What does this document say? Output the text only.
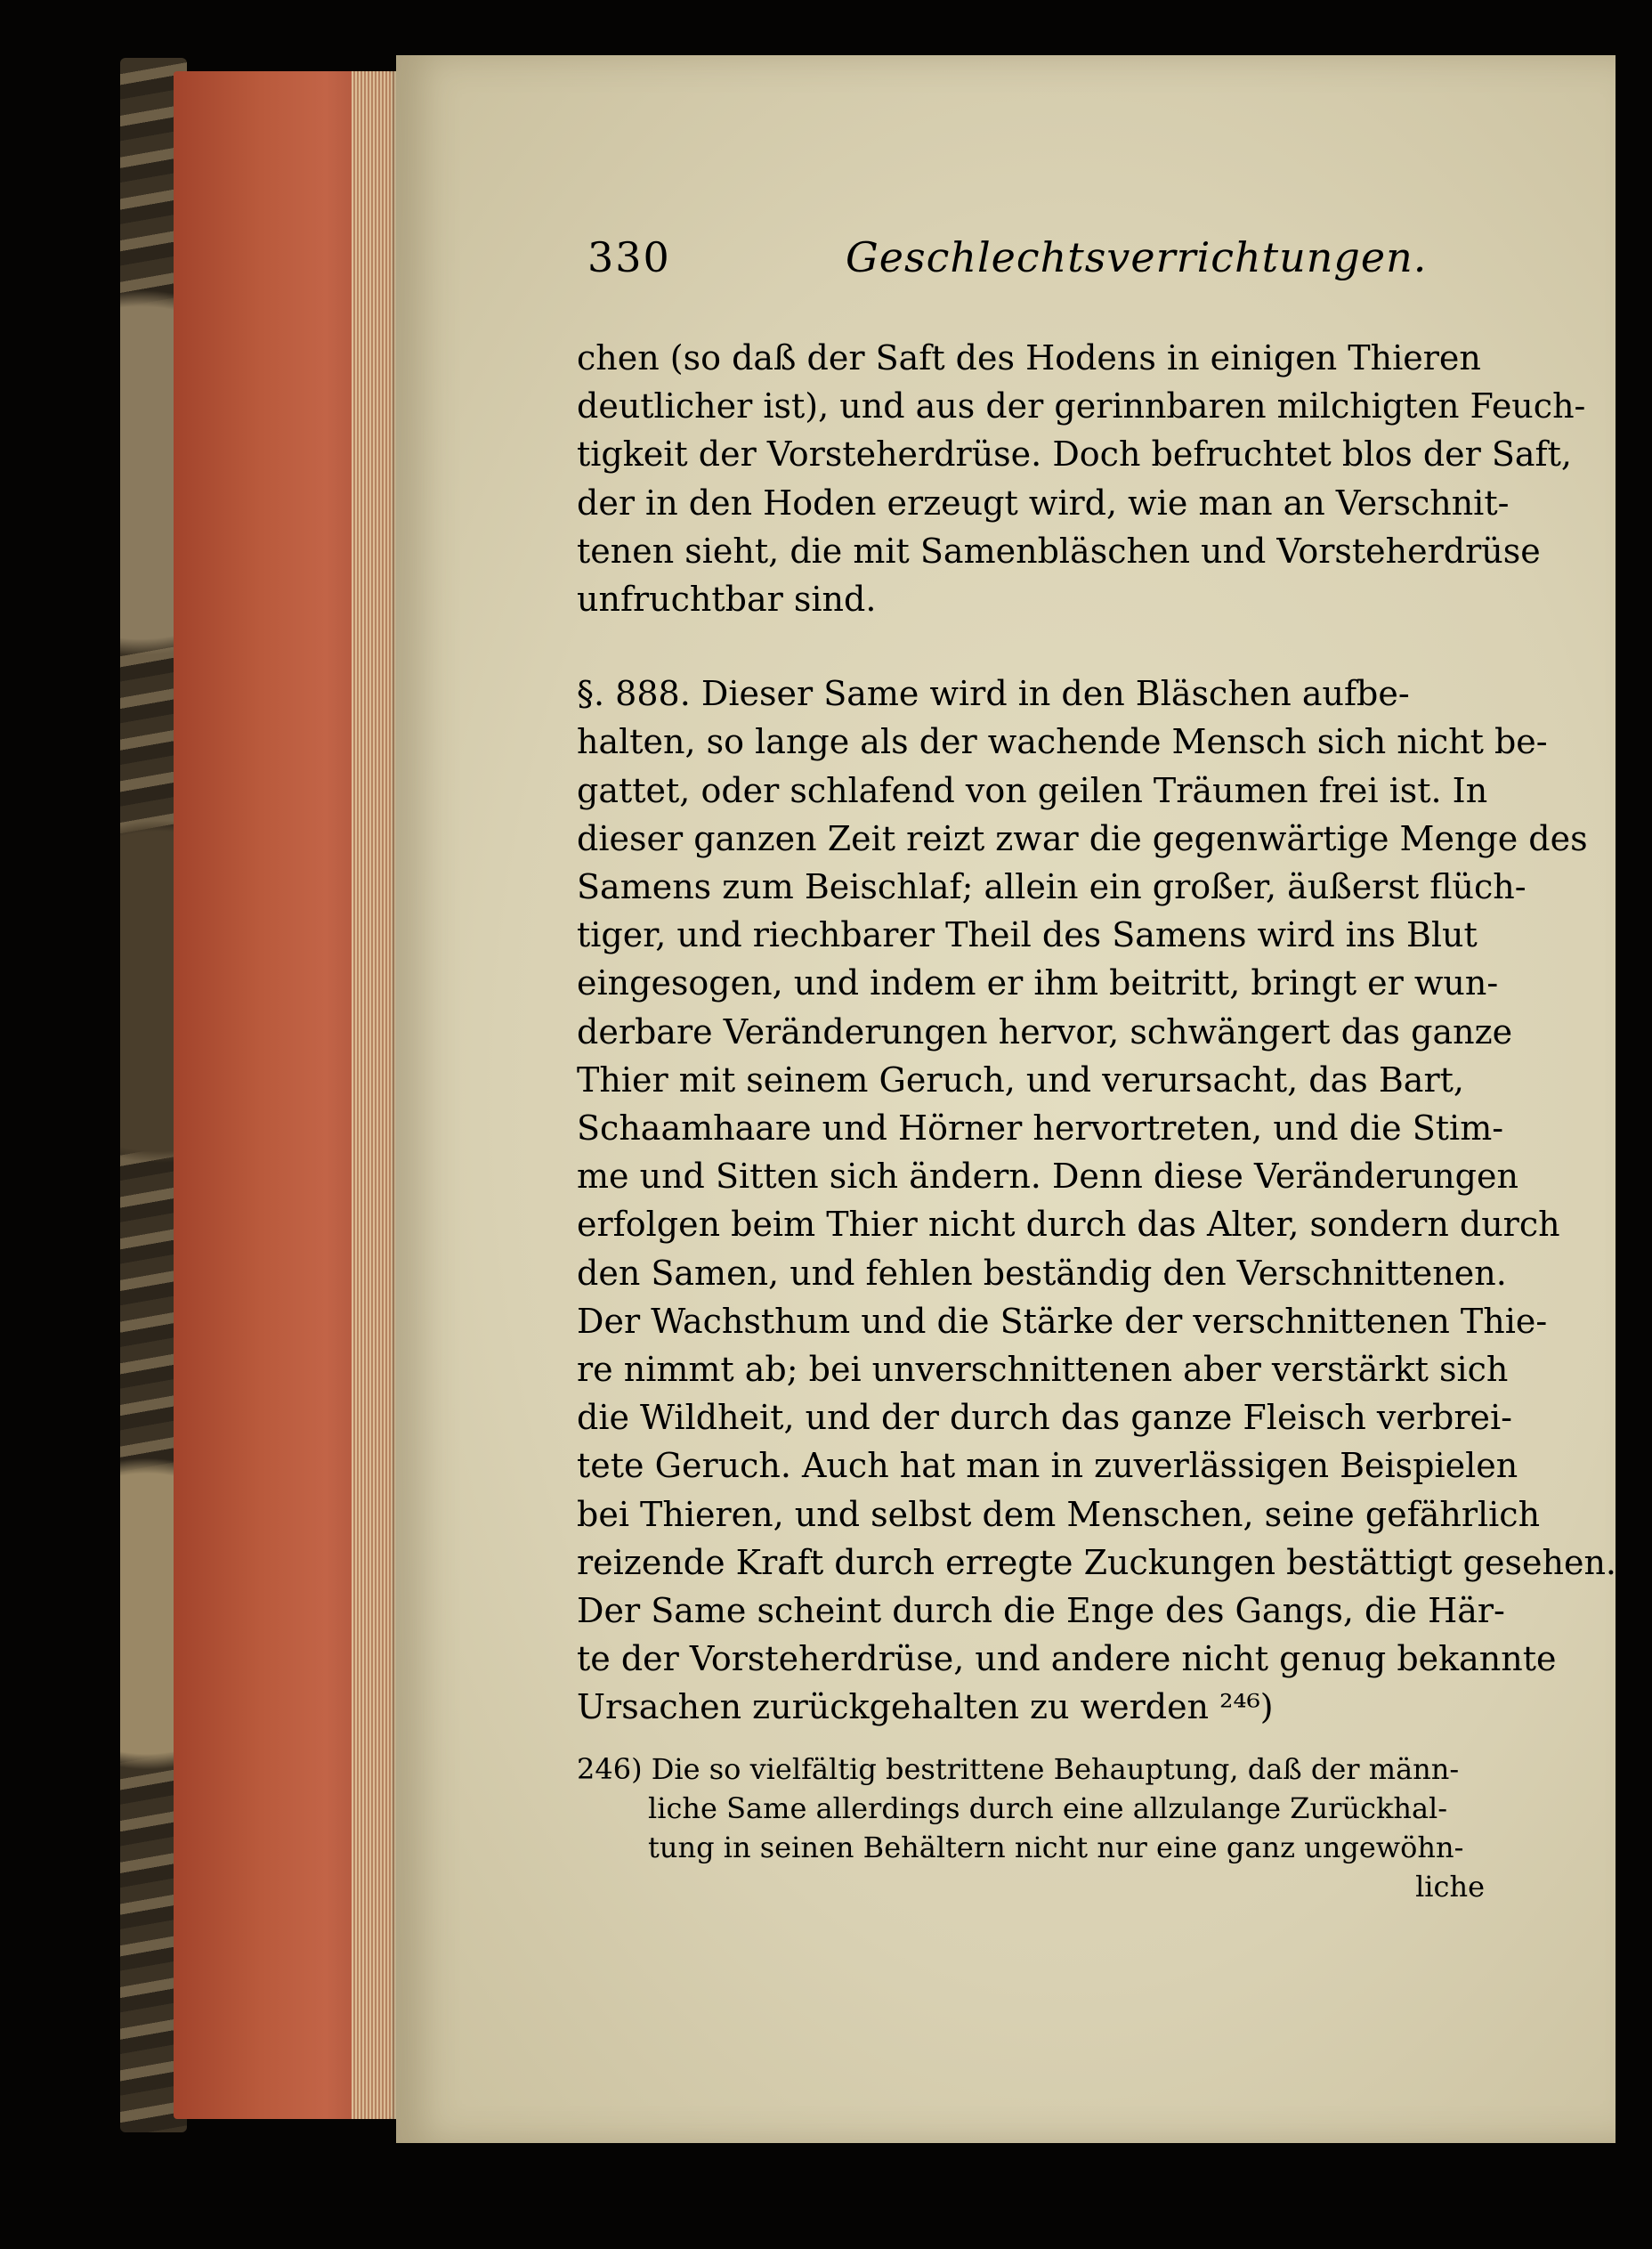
330	Geschlechtsverrichtungen.

chen (so daß der Saft des Hodens in einigen Thieren
deutlicher ist), und aus der gerinnbaren milchigten Feuch-
tigkeit der Vorsteherdrüse. Doch befruchtet blos der Saft,
der in den Hoden erzeugt wird, wie man an Verschnit-
tenen sieht, die mit Samenbläschen und Vorsteherdrüse
unfruchtbar sind.

§. 888. Dieser Same wird in den Bläschen aufbe-
halten, so lange als der wachende Mensch sich nicht be-
gattet, oder schlafend von geilen Träumen frei ist. In
dieser ganzen Zeit reizt zwar die gegenwärtige Menge des
Samens zum Beischlaf; allein ein großer, äußerst flüch-
tiger, und riechbarer Theil des Samens wird ins Blut
eingesogen, und indem er ihm beitritt, bringt er wun-
derbare Veränderungen hervor, schwängert das ganze
Thier mit seinem Geruch, und verursacht, das Bart,
Schaamhaare und Hörner hervortreten, und die Stim-
me und Sitten sich ändern. Denn diese Veränderungen
erfolgen beim Thier nicht durch das Alter, sondern durch
den Samen, und fehlen beständig den Verschnittenen.
Der Wachsthum und die Stärke der verschnittenen Thie-
re nimmt ab; bei unverschnittenen aber verstärkt sich
die Wildheit, und der durch das ganze Fleisch verbrei-
tete Geruch. Auch hat man in zuverlässigen Beispielen
bei Thieren, und selbst dem Menschen, seine gefährlich
reizende Kraft durch erregte Zuckungen bestättigt gesehen.
Der Same scheint durch die Enge des Gangs, die Här-
te der Vorsteherdrüse, und andere nicht genug bekannte
Ursachen zurückgehalten zu werden ²⁴⁶)

246) Die so vielfältig bestrittene Behauptung, daß der männ-
liche Same allerdings durch eine allzulange Zurückhal-
tung in seinen Behältern nicht nur eine ganz ungewöhn-
liche
